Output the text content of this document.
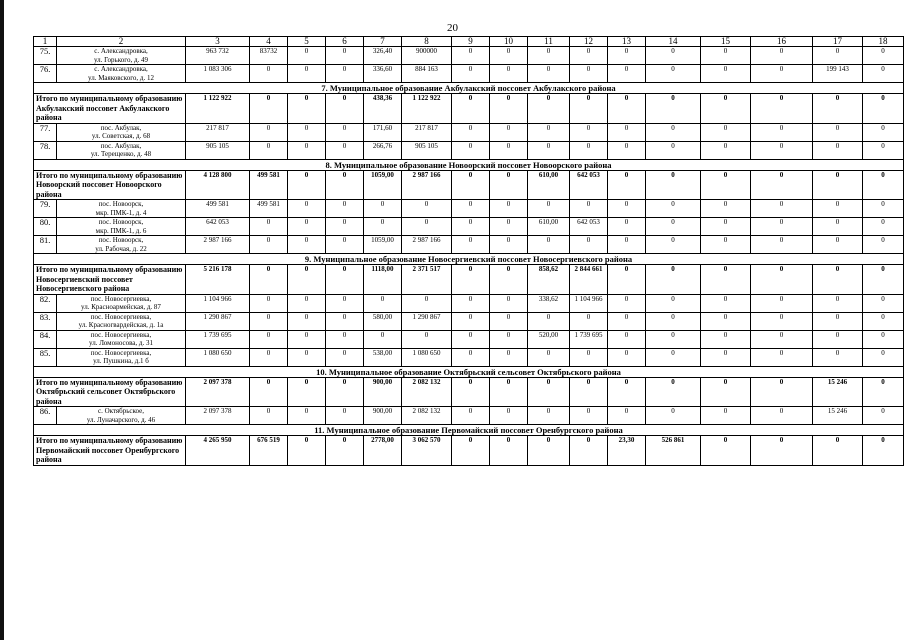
20
1	2	3	4	5	6	7	8	9	10	11	12	13	14	15	16	17	18
75.	с. Александровка,
ул. Горького, д. 49	963 732	83732	0	0	326,40	900000	0	0	0	0	0	0	0	0	0	0
76.	с. Александровка,
ул. Маяковского, д. 12	1 083 306	0	0	0	336,60	884 163	0	0	0	0	0	0	0	0	199 143	0
7. Муниципальное образование Акбулакский поссовет Акбулакского района																	
Итого по муниципальному образованию Акбулакский поссовет Акбулакского района		1 122 922	0	0	0	438,36	1 122 922	0	0	0	0	0	0	0	0	0	0
77.	пос. Акбулак,
ул. Советская, д. 68	217 817	0	0	0	171,60	217 817	0	0	0	0	0	0	0	0	0	0
78.	пос. Акбулак,
ул. Терещенко, д. 48	905 105	0	0	0	266,76	905 105	0	0	0	0	0	0	0	0	0	0
8. Муниципальное образование Новоорский поссовет Новоорского района																	
Итого по муниципальному образованию Новоорский поссовет Новоорского района		4 128 800	499 581	0	0	1059,00	2 987 166	0	0	610,00	642 053	0	0	0	0	0	0
79.	пос. Новоорск,
мкр. ПМК-1, д. 4	499 581	499 581	0	0	0	0	0	0	0	0	0	0	0	0	0	0
80.	пос. Новоорск,
мкр. ПМК-1, д. 6	642 053	0	0	0	0	0	0	0	610,00	642 053	0	0	0	0	0	0
81.	пос. Новоорск,
ул. Рабочая, д. 22	2 987 166	0	0	0	1059,00	2 987 166	0	0	0	0	0	0	0	0	0	0
9. Муниципальное образование Новосергиевский поссовет Новосергиевского района																	
Итого по муниципальному образованию Новосергиевский поссовет Новосергиевского района		5 216 178	0	0	0	1118,00	2 371 517	0	0	858,62	2 844 661	0	0	0	0	0	0
82.	пос. Новосергиевка,
ул. Красноармейская, д. 87	1 104 966	0	0	0	0	0	0	0	338,62	1 104 966	0	0	0	0	0	0
83.	пос. Новосергиевка,
ул. Красногвардейская, д. 1а	1 290 867	0	0	0	580,00	1 290 867	0	0	0	0	0	0	0	0	0	0
84.	пос. Новосергиевка,
ул. Ломоносова, д. 31	1 739 695	0	0	0	0	0	0	0	520,00	1 739 695	0	0	0	0	0	0
85.	пос. Новосергиевка,
ул. Пушкина, д.1 б	1 080 650	0	0	0	538,00	1 080 650	0	0	0	0	0	0	0	0	0	0
10. Муниципальное образование Октябрьский сельсовет Октябрьского района																	
Итого по муниципальному образованию Октябрьский сельсовет Октябрьского района		2 097 378	0	0	0	900,00	2 082 132	0	0	0	0	0	0	0	0	15 246	0
86.	с. Октябрьское,
ул. Луначарского, д. 46	2 097 378	0	0	0	900,00	2 082 132	0	0	0	0	0	0	0	0	15 246	0
11. Муниципальное образование Первомайский поссовет Оренбургского района																	
Итого по муниципальному образованию Первомайский поссовет Оренбургского района		4 265 950	676 519	0	0	2778,00	3 062 570	0	0	0	0	23,30	526 861	0	0	0	0
